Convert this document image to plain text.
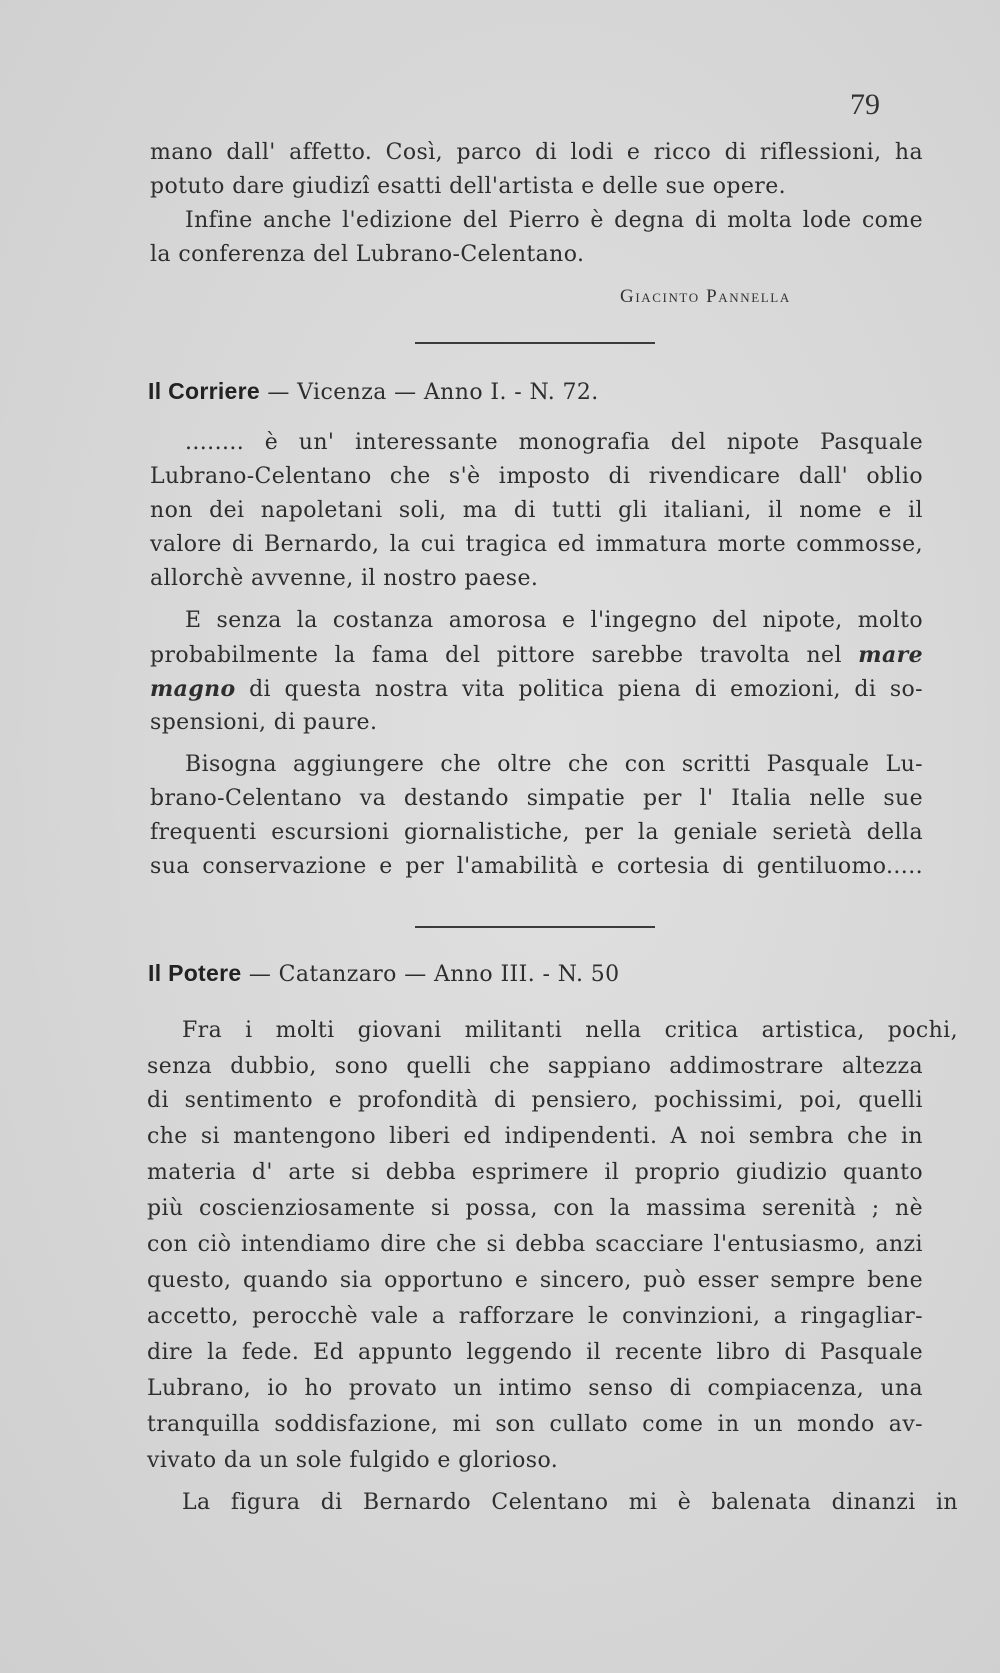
79
mano dall' affetto. Così, parco di lodi e ricco di riflessioni, ha
potuto dare giudizî esatti dell'artista e delle sue opere.
Infine anche l'edizione del Pierro è degna di molta lode come
la conferenza del Lubrano-Celentano.
Giacinto Pannella
Il Corriere — Vicenza — Anno I. - N. 72.
........ è un' interessante monografia del nipote Pasquale
Lubrano-Celentano che s'è imposto di rivendicare dall' oblio
non dei napoletani soli, ma di tutti gli italiani, il nome e il
valore di Bernardo, la cui tragica ed immatura morte commosse,
allorchè avvenne, il nostro paese.
E senza la costanza amorosa e l'ingegno del nipote, molto
probabilmente la fama del pittore sarebbe travolta nel mare
magno di questa nostra vita politica piena di emozioni, di so-
spensioni, di paure.
Bisogna aggiungere che oltre che con scritti Pasquale Lu-
brano-Celentano va destando simpatie per l' Italia nelle sue
frequenti escursioni giornalistiche, per la geniale serietà della
sua conservazione e per l'amabilità e cortesia di gentiluomo.....
Il Potere — Catanzaro — Anno III. - N. 50
Fra i molti giovani militanti nella critica artistica, pochi,
senza dubbio, sono quelli che sappiano addimostrare altezza
di sentimento e profondità di pensiero, pochissimi, poi, quelli
che si mantengono liberi ed indipendenti. A noi sembra che in
materia d' arte si debba esprimere il proprio giudizio quanto
più coscienziosamente si possa, con la massima serenità ; nè
con ciò intendiamo dire che si debba scacciare l'entusiasmo, anzi
questo, quando sia opportuno e sincero, può esser sempre bene
accetto, perocchè vale a rafforzare le convinzioni, a ringagliar-
dire la fede. Ed appunto leggendo il recente libro di Pasquale
Lubrano, io ho provato un intimo senso di compiacenza, una
tranquilla soddisfazione, mi son cullato come in un mondo av-
vivato da un sole fulgido e glorioso.
La figura di Bernardo Celentano mi è balenata dinanzi in
